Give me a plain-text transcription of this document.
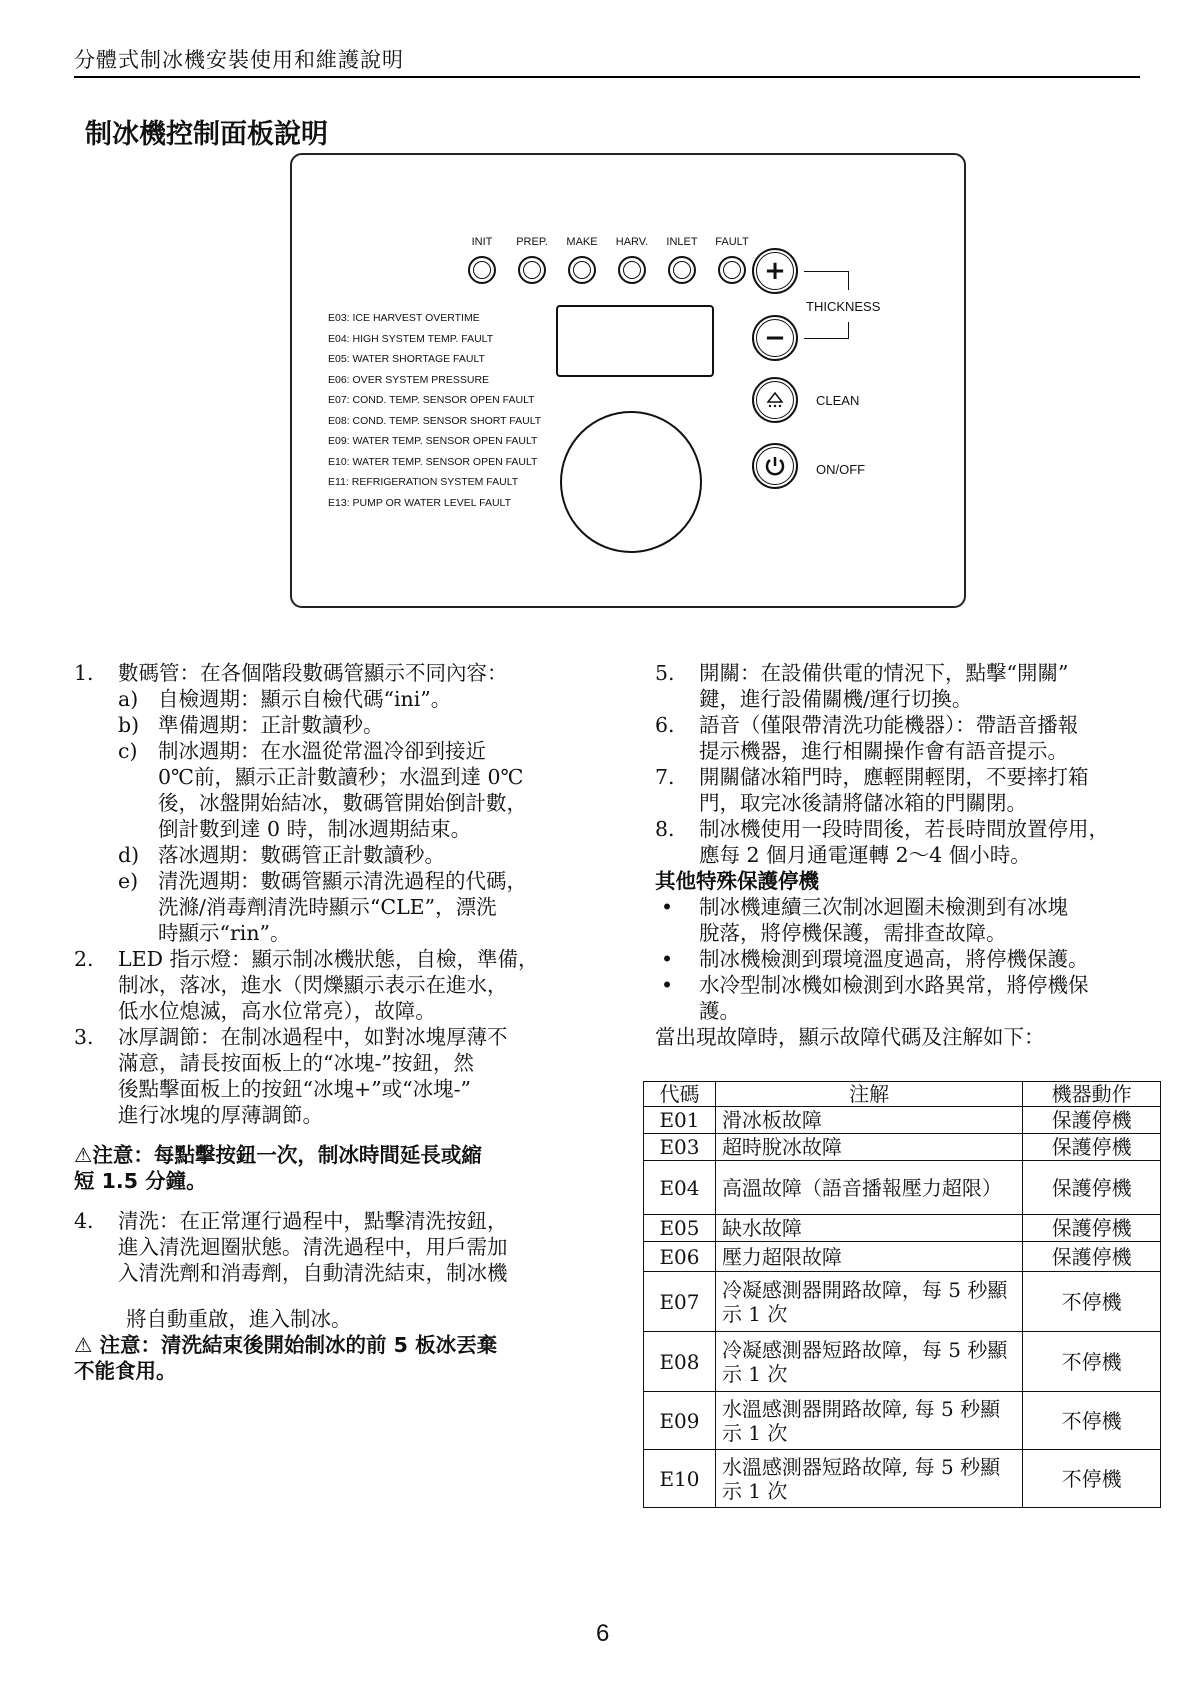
分體式制冰機安裝使用和維護說明
制冰機控制面板說明
INIT	PREP.	MAKE	HARV.	INLET	FAULT
+
−
THICKNESS
CLEAN
ON/OFF
E03: ICE HARVEST OVERTIME
E04: HIGH SYSTEM TEMP. FAULT
E05: WATER SHORTAGE FAULT
E06: OVER SYSTEM PRESSURE
E07: COND. TEMP. SENSOR OPEN FAULT
E08: COND. TEMP. SENSOR SHORT FAULT
E09: WATER TEMP. SENSOR OPEN FAULT
E10: WATER TEMP. SENSOR OPEN FAULT
E11: REFRIGERATION SYSTEM FAULT
E13: PUMP OR WATER LEVEL FAULT
1. 數碼管：在各個階段數碼管顯示不同內容：
a) 自檢週期：顯示自檢代碼“ini”。
b) 準備週期：正計數讀秒。
c) 制冰週期：在水溫從常溫冷卻到接近
0℃前，顯示正計數讀秒；水溫到達 0℃
後，冰盤開始結冰，數碼管開始倒計數，
倒計數到達 0 時，制冰週期結束。
d) 落冰週期：數碼管正計數讀秒。
e) 清洗週期：數碼管顯示清洗過程的代碼，
洗滌/消毒劑清洗時顯示“CLE”，漂洗
時顯示“rin”。
2. LED 指示燈：顯示制冰機狀態，自檢，準備，
制冰，落冰，進水（閃爍顯示表示在進水，
低水位熄滅，高水位常亮），故障。
3. 冰厚調節：在制冰過程中，如對冰塊厚薄不
滿意，請長按面板上的“冰塊-”按鈕，然
後點擊面板上的按鈕“冰塊+”或“冰塊-”
進行冰塊的厚薄調節。
⚠注意：每點擊按鈕一次，制冰時間延長或縮
短 1.5 分鐘。
4. 清洗：在正常運行過程中，點擊清洗按鈕，
進入清洗迴圈狀態。清洗過程中，用戶需加
入清洗劑和消毒劑，自動清洗結束，制冰機
將自動重啟，進入制冰。
⚠ 注意：清洗結束後開始制冰的前 5 板冰丟棄
不能食用。
5. 開關：在設備供電的情況下，點擊“開關”
鍵，進行設備關機/運行切換。
6. 語音（僅限帶清洗功能機器）：帶語音播報
提示機器，進行相關操作會有語音提示。
7. 開關儲冰箱門時，應輕開輕閉，不要摔打箱
門，取完冰後請將儲冰箱的門關閉。
8. 制冰機使用一段時間後，若長時間放置停用，
應每 2 個月通電運轉 2～4 個小時。
其他特殊保護停機
• 制冰機連續三次制冰迴圈未檢測到有冰塊
脫落，將停機保護，需排查故障。
• 制冰機檢測到環境溫度過高，將停機保護。
• 水冷型制冰機如檢測到水路異常，將停機保
護。
當出現故障時，顯示故障代碼及注解如下：
代碼	注解	機器動作
E01	滑冰板故障	保護停機
E03	超時脫冰故障	保護停機
E04	高溫故障（語音播報壓力超限）	保護停機
E05	缺水故障	保護停機
E06	壓力超限故障	保護停機
E07	冷凝感測器開路故障，每 5 秒顯示 1 次	不停機
E08	冷凝感測器短路故障，每 5 秒顯示 1 次	不停機
E09	水溫感測器開路故障, 每 5 秒顯示 1 次	不停機
E10	水溫感測器短路故障, 每 5 秒顯示 1 次	不停機
6
